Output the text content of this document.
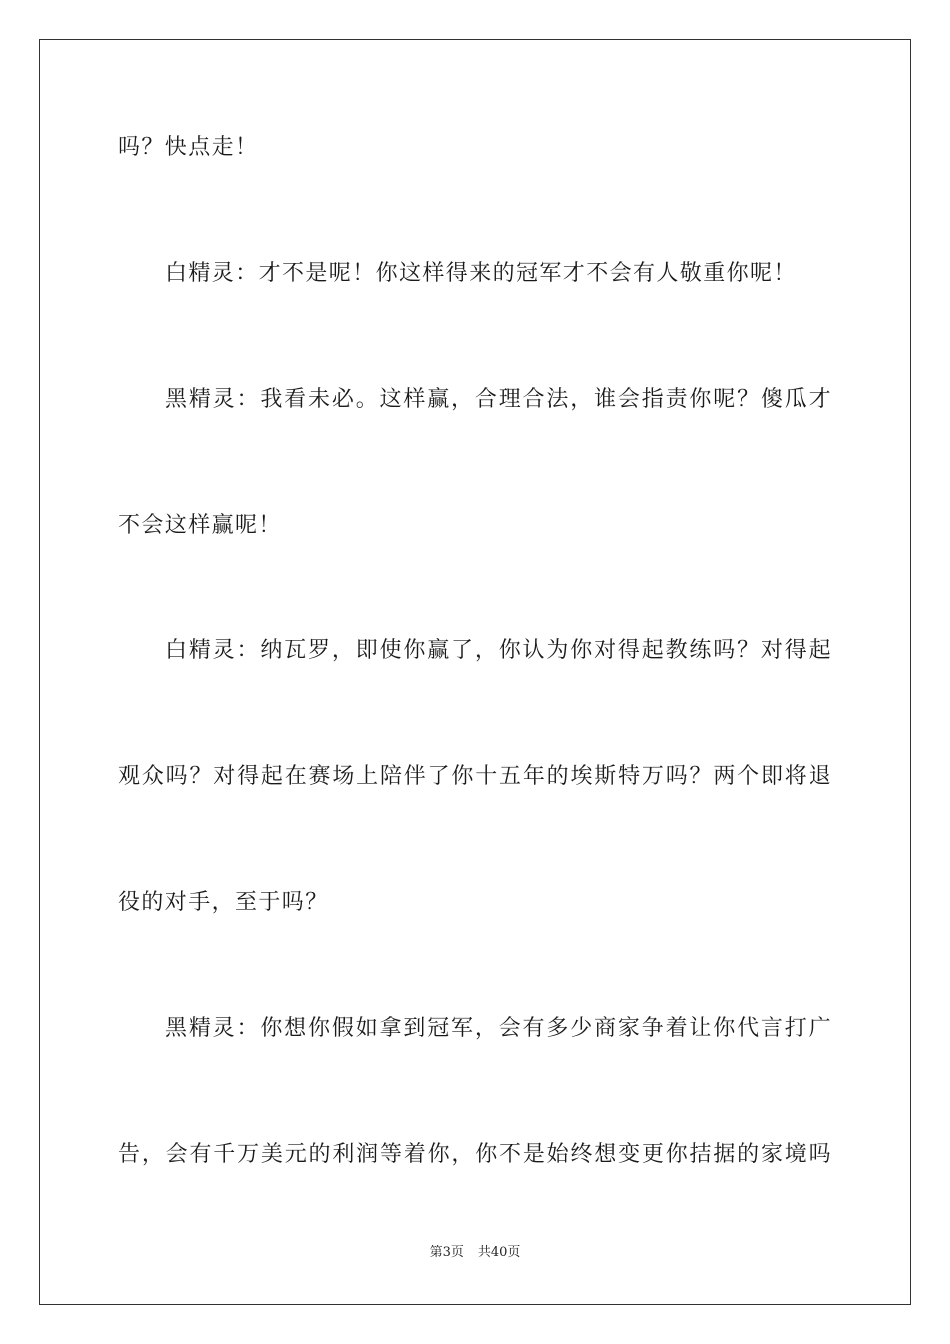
吗？快点走！

白精灵：才不是呢！你这样得来的冠军才不会有人敬重你呢！

黑精灵：我看未必。这样赢，合理合法，谁会指责你呢？傻瓜才

不会这样赢呢！

白精灵：纳瓦罗，即使你赢了，你认为你对得起教练吗？对得起

观众吗？对得起在赛场上陪伴了你十五年的埃斯特万吗？两个即将退

役的对手，至于吗？

黑精灵：你想你假如拿到冠军，会有多少商家争着让你代言打广

告，会有千万美元的利润等着你，你不是始终想变更你拮据的家境吗

第3页 共40页
